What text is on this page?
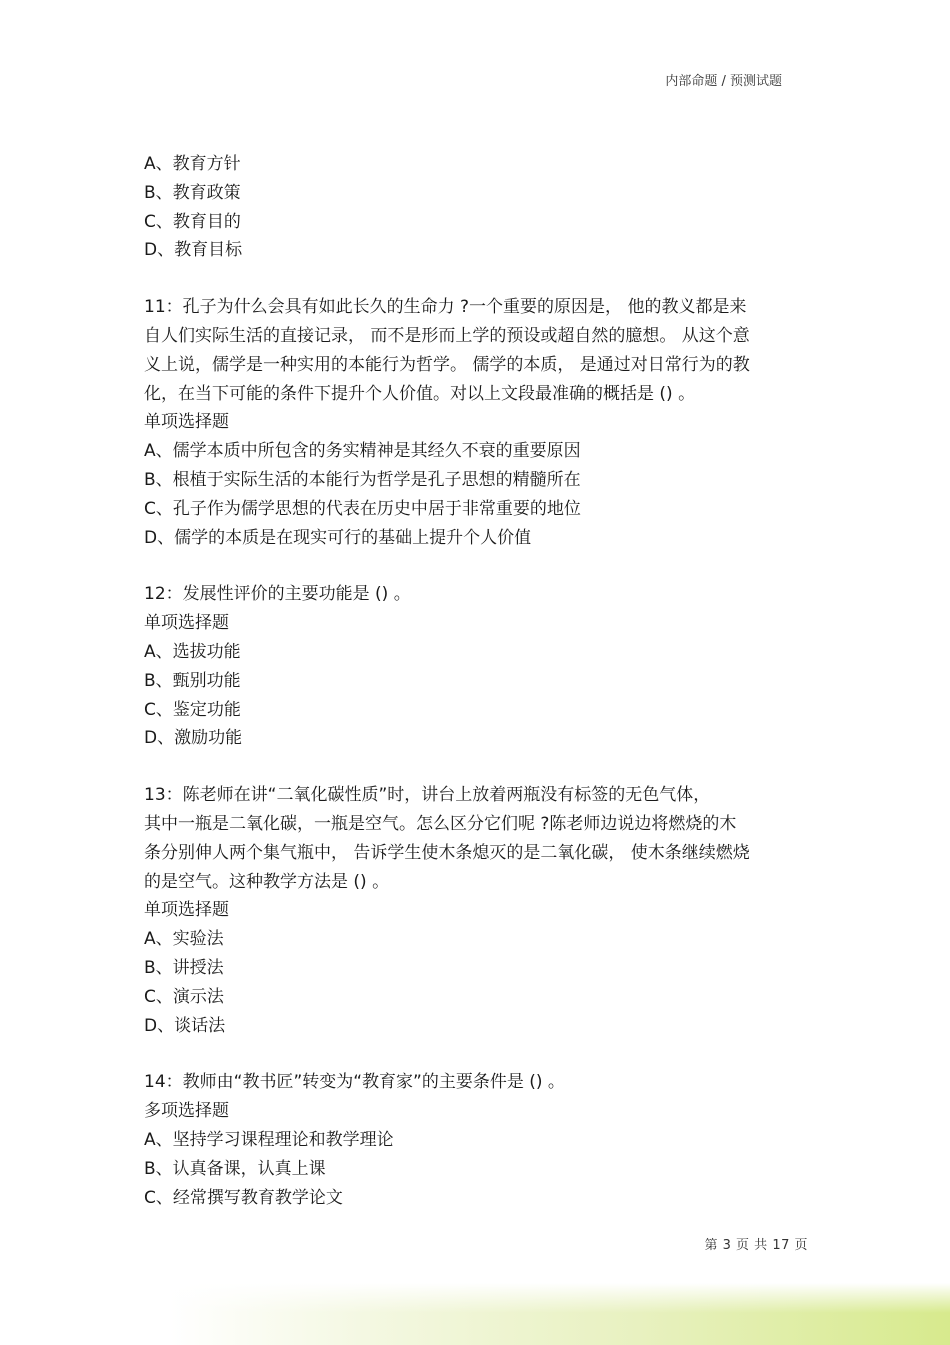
内部命题 / 预测试题
A、教育方针
B、教育政策
C、教育目的
D、教育目标
11：孔子为什么会具有如此长久的生命力 ?一个重要的原因是， 他的教义都是来
自人们实际生活的直接记录， 而不是形而上学的预设或超自然的臆想。 从这个意
义上说，儒学是一种实用的本能行为哲学。 儒学的本质， 是通过对日常行为的教
化，在当下可能的条件下提升个人价值。对以上文段最准确的概括是 () 。
单项选择题
A、儒学本质中所包含的务实精神是其经久不衰的重要原因
B、根植于实际生活的本能行为哲学是孔子思想的精髓所在
C、孔子作为儒学思想的代表在历史中居于非常重要的地位
D、儒学的本质是在现实可行的基础上提升个人价值
12：发展性评价的主要功能是 () 。
单项选择题
A、选拔功能
B、甄别功能
C、鉴定功能
D、激励功能
13：陈老师在讲“二氧化碳性质”时，讲台上放着两瓶没有标签的无色气体，
其中一瓶是二氧化碳，一瓶是空气。怎么区分它们呢 ?陈老师边说边将燃烧的木
条分别伸人两个集气瓶中， 告诉学生使木条熄灭的是二氧化碳， 使木条继续燃烧
的是空气。这种教学方法是 () 。
单项选择题
A、实验法
B、讲授法
C、演示法
D、谈话法
14：教师由“教书匠”转变为“教育家”的主要条件是 () 。
多项选择题
A、坚持学习课程理论和教学理论
B、认真备课，认真上课
C、经常撰写教育教学论文
第 3 页 共 17 页
